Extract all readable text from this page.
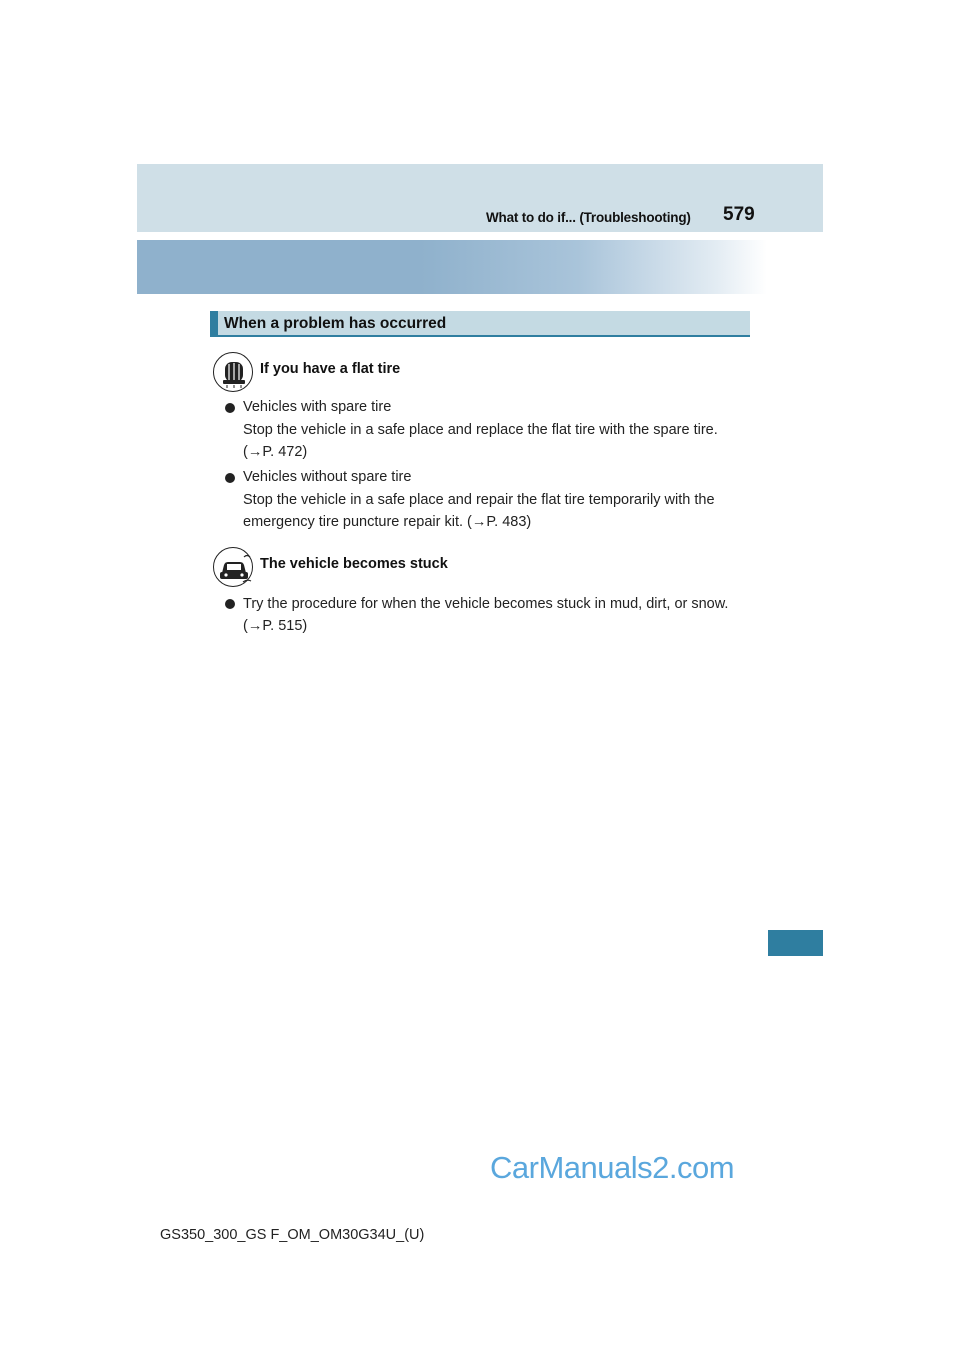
What to do if... (Troubleshooting) 579
When a problem has occurred
If you have a flat tire
Vehicles with spare tire
Stop the vehicle in a safe place and replace the flat tire with the spare tire.
(→P. 472)
Vehicles without spare tire
Stop the vehicle in a safe place and repair the flat tire temporarily with the
emergency tire puncture repair kit. (→P. 483)
The vehicle becomes stuck
Try the procedure for when the vehicle becomes stuck in mud, dirt, or snow.
(→P. 515)
CarManuals2.com
GS350_300_GS F_OM_OM30G34U_(U)
